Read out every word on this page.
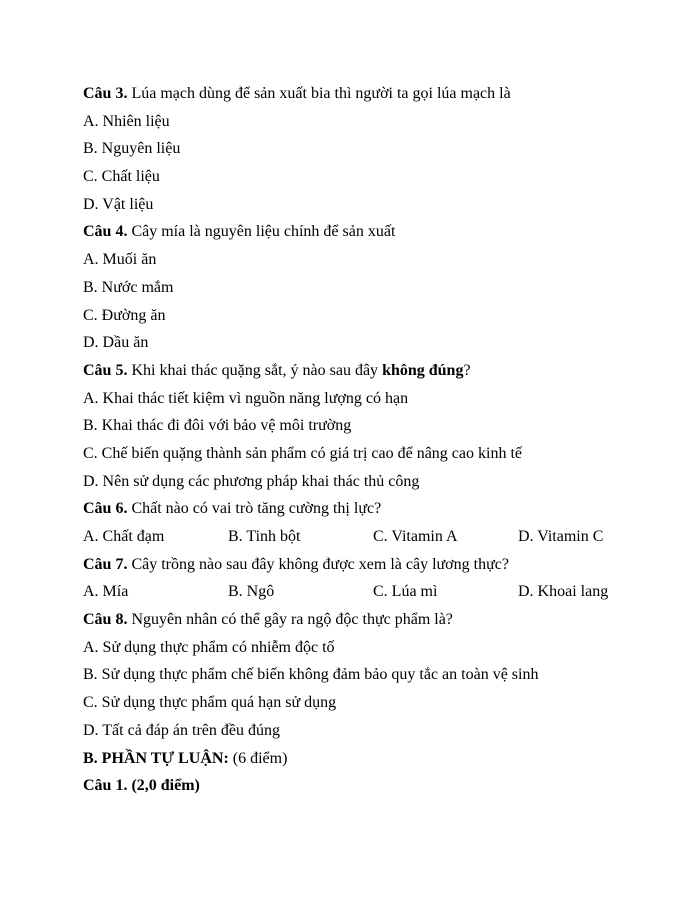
Câu 3. Lúa mạch dùng để sản xuất bia thì người ta gọi lúa mạch là
A. Nhiên liệu
B. Nguyên liệu
C. Chất liệu
D. Vật liệu
Câu 4. Cây mía là nguyên liệu chính để sản xuất
A. Muối ăn
B. Nước mắm
C. Đường ăn
D. Dầu ăn
Câu 5. Khi khai thác quặng sắt, ý nào sau đây không đúng?
A. Khai thác tiết kiệm vì nguồn năng lượng có hạn
B. Khai thác đi đôi với bảo vệ môi trường
C. Chế biến quặng thành sản phẩm có giá trị cao để nâng cao kinh tế
D. Nên sử dụng các phương pháp khai thác thủ công
Câu 6. Chất nào có vai trò tăng cường thị lực?
A. Chất đạm	B. Tinh bột	C. Vitamin A	D. Vitamin C
Câu 7. Cây trồng nào sau đây không được xem là cây lương thực?
A. Mía	B. Ngô	C. Lúa mì	D. Khoai lang
Câu 8. Nguyên nhân có thể gây ra ngộ độc thực phẩm là?
A. Sử dụng thực phẩm có nhiễm độc tố
B. Sử dụng thực phẩm chế biến không đảm bảo quy tắc an toàn vệ sinh
C. Sử dụng thực phẩm quá hạn sử dụng
D. Tất cả đáp án trên đều đúng
B. PHẦN TỰ LUẬN: (6 điểm)
Câu 1. (2,0 điểm)
